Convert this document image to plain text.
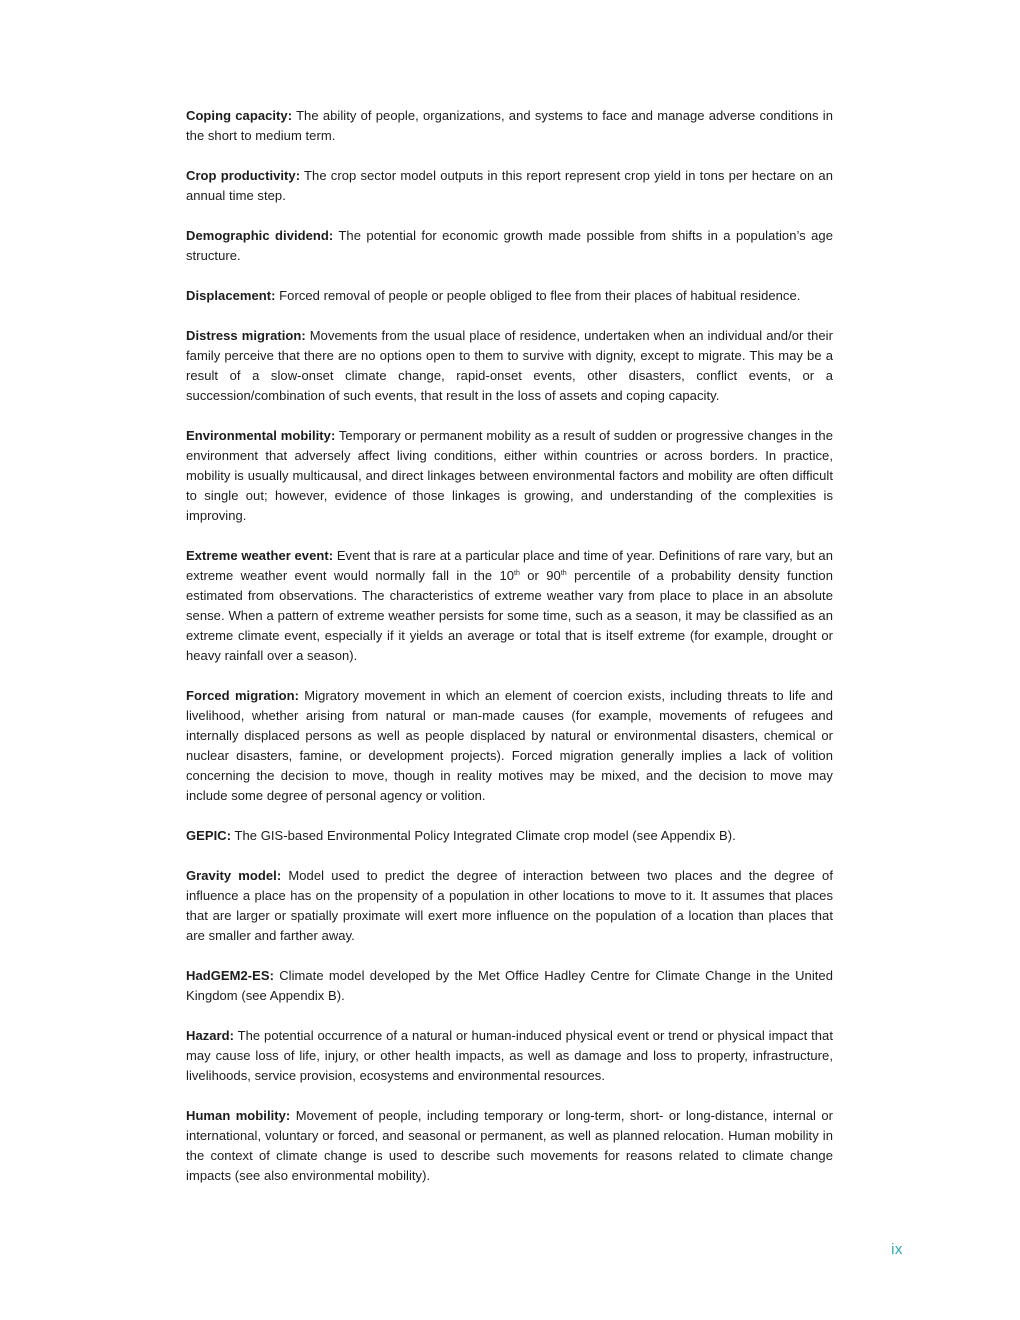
Coping capacity: The ability of people, organizations, and systems to face and manage adverse conditions in the short to medium term.

Crop productivity: The crop sector model outputs in this report represent crop yield in tons per hectare on an annual time step.

Demographic dividend: The potential for economic growth made possible from shifts in a population’s age structure.

Displacement: Forced removal of people or people obliged to flee from their places of habitual residence.

Distress migration: Movements from the usual place of residence, undertaken when an individual and/or their family perceive that there are no options open to them to survive with dignity, except to migrate. This may be a result of a slow-onset climate change, rapid-onset events, other disasters, conflict events, or a succession/combination of such events, that result in the loss of assets and coping capacity.

Environmental mobility: Temporary or permanent mobility as a result of sudden or progressive changes in the environment that adversely affect living conditions, either within countries or across borders. In practice, mobility is usually multicausal, and direct linkages between environmental factors and mobility are often difficult to single out; however, evidence of those linkages is growing, and understanding of the complexities is improving.

Extreme weather event: Event that is rare at a particular place and time of year. Definitions of rare vary, but an extreme weather event would normally fall in the 10th or 90th percentile of a probability density function estimated from observations. The characteristics of extreme weather vary from place to place in an absolute sense. When a pattern of extreme weather persists for some time, such as a season, it may be classified as an extreme climate event, especially if it yields an average or total that is itself extreme (for example, drought or heavy rainfall over a season).

Forced migration: Migratory movement in which an element of coercion exists, including threats to life and livelihood, whether arising from natural or man-made causes (for example, movements of refugees and internally displaced persons as well as people displaced by natural or environmental disasters, chemical or nuclear disasters, famine, or development projects). Forced migration generally implies a lack of volition concerning the decision to move, though in reality motives may be mixed, and the decision to move may include some degree of personal agency or volition.

GEPIC: The GIS-based Environmental Policy Integrated Climate crop model (see Appendix B).

Gravity model: Model used to predict the degree of interaction between two places and the degree of influence a place has on the propensity of a population in other locations to move to it. It assumes that places that are larger or spatially proximate will exert more influence on the population of a location than places that are smaller and farther away.

HadGEM2-ES: Climate model developed by the Met Office Hadley Centre for Climate Change in the United Kingdom (see Appendix B).

Hazard: The potential occurrence of a natural or human-induced physical event or trend or physical impact that may cause loss of life, injury, or other health impacts, as well as damage and loss to property, infrastructure, livelihoods, service provision, ecosystems and environmental resources.

Human mobility: Movement of people, including temporary or long-term, short- or long-distance, internal or international, voluntary or forced, and seasonal or permanent, as well as planned relocation. Human mobility in the context of climate change is used to describe such movements for reasons related to climate change impacts (see also environmental mobility).

ix
